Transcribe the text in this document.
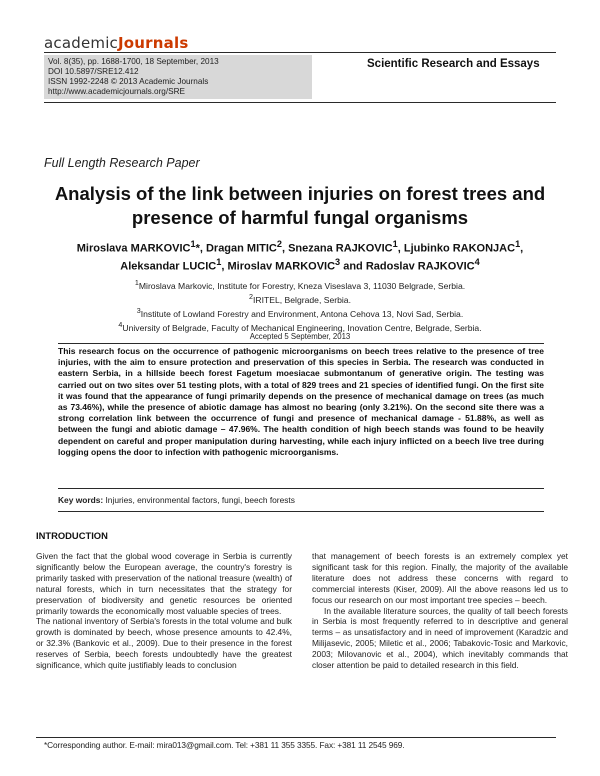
academicJournals
Vol. 8(35), pp. 1688-1700, 18 September, 2013
DOI 10.5897/SRE12.412
ISSN 1992-2248 © 2013 Academic Journals
http://www.academicjournals.org/SRE
Scientific Research and Essays
Full Length Research Paper
Analysis of the link between injuries on forest trees and
presence of harmful fungal organisms
Miroslava MARKOVIC$^1$*, Dragan MITIC$^2$, Snezana RAJKOVIC$^1$, Ljubinko RAKONJAC$^1$,
Aleksandar LUCIC$^1$, Miroslav MARKOVIC$^3$ and Radoslav RAJKOVIC$^4$
$^1$Miroslava Markovic, Institute for Forestry, Kneza Viseslava 3, 11030 Belgrade, Serbia.
$^2$IRITEL, Belgrade, Serbia.
$^3$Institute of Lowland Forestry and Environment, Antona Cehova 13, Novi Sad, Serbia.
$^4$University of Belgrade, Faculty of Mechanical Engineering, Inovation Centre, Belgrade, Serbia.
Accepted 5 September, 2013
This research focus on the occurrence of pathogenic microorganisms on beech trees relative to the presence of tree injuries, with the aim to ensure protection and preservation of this species in Serbia. The research was conducted in eastern Serbia, in a hillside beech forest Fagetum moesiacae submontanum of generative origin. The testing was carried out on two sites over 51 testing plots, with a total of 829 trees and 21 species of identified fungi. On the first site it was found that the appearance of fungi primarily depends on the presence of mechanical damage on trees (as much as 73.46%), while the presence of abiotic damage has almost no bearing (only 3.21%). On the second site there was a strong correlation link between the occurrence of fungi and presence of mechanical damage - 51.88%, as well as between the fungi and abiotic damage – 47.96%. The health condition of high beech stands was found to be heavily dependent on careful and proper manipulation during harvesting, while each injury inflicted on a beech live tree during logging opens the door to infection with pathogenic microorganisms.
Key words: Injuries, environmental factors, fungi, beech forests
INTRODUCTION

Given the fact that the global wood coverage in Serbia is currently significantly below the European average, the country's forestry is primarily tasked with preservation of the national treasure (wealth) of natural forests, which in turn necessitates that the strategy for preservation of biodiversity and genetic resources be oriented primarily towards the economically most valuable species of trees.

The national inventory of Serbia's forests in the total volume and bulk growth is dominated by beech, whose presence amounts to 42.4%, or 32.3% (Bankovic et al., 2009). Due to their presence in the forest reserves of Serbia, beech forests undoubtedly have the greatest significance, which quite justifiably leads to conclusion

that management of beech forests is an extremely complex yet significant task for this region. Finally, the majority of the available literature does not address these concerns with regard to commercial interests (Kiser, 2009). All the above reasons led us to focus our research on our most important tree species – beech.

In the available literature sources, the quality of tall beech forests in Serbia is most frequently referred to in descriptive and general terms – as unsatisfactory and in need of improvement (Karadzic and Milijasevic, 2005; Miletic et al., 2006; Tabakovic-Tosic and Markovic, 2003; Milovanovic et al., 2004), which inevitably commands that closer attention be paid to detailed research in this field.

*Corresponding author. E-mail: mira013@gmail.com. Tel: +381 11 355 3355. Fax: +381 11 2545 969.
